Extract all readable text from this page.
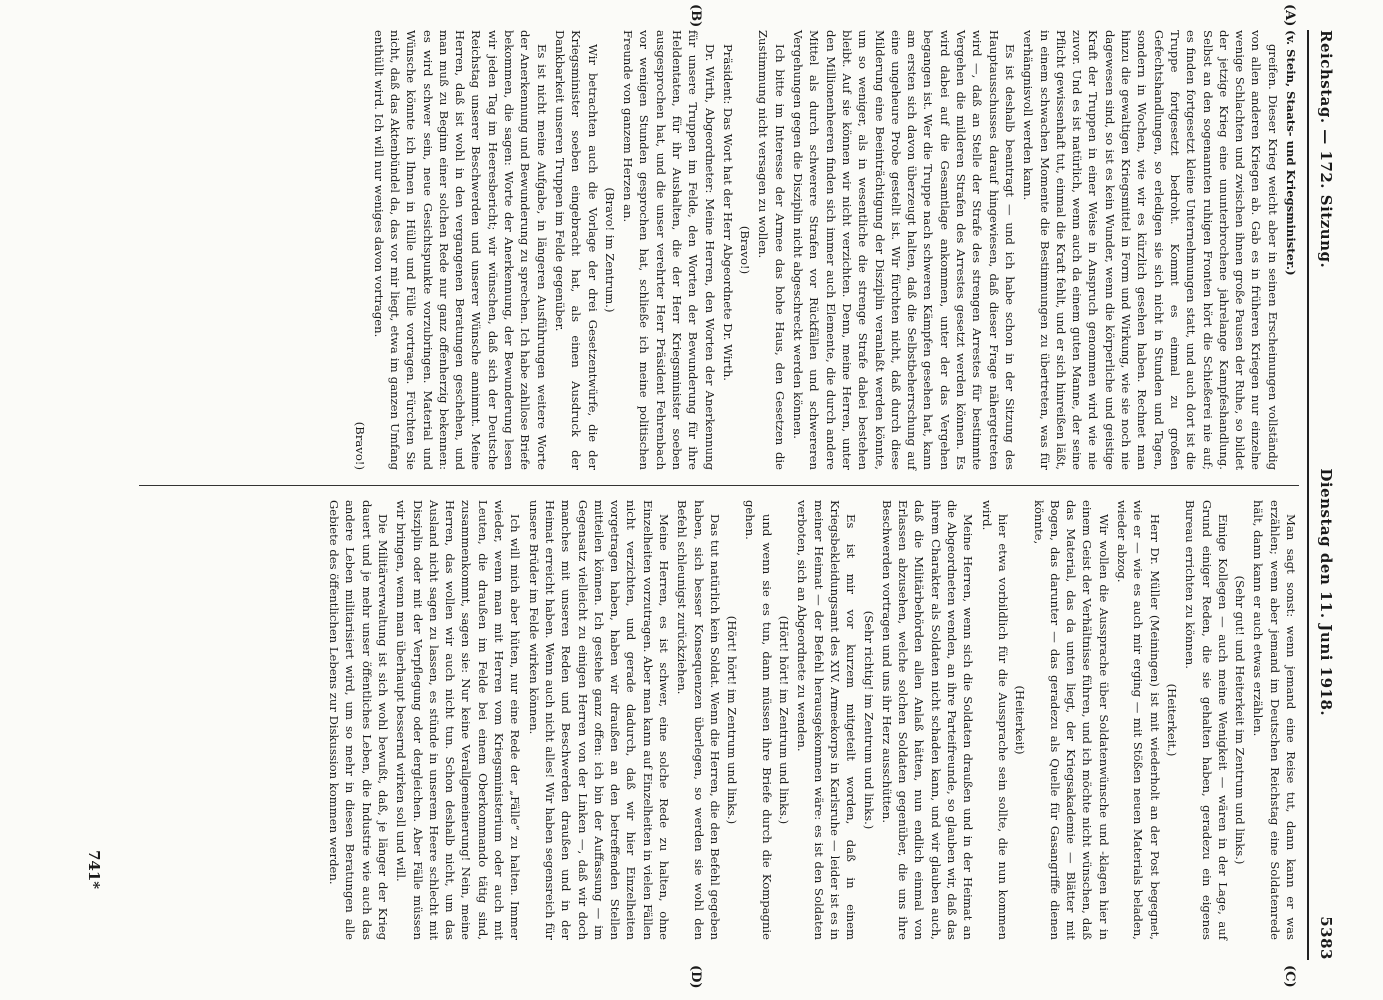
Reichstag. — 172. Sitzung.
Dienstag den 11. Juni 1918.
5383
(A)
(B)
(C)
(D)

(v. Stein, Staats- und Kriegsminister.)

greifen. Dieser Krieg weicht aber in seinen Erscheinungen vollständig von allen anderen Kriegen ab. Gab es in früheren Kriegen nur einzelne wenige Schlachten und zwischen ihnen große Pausen der Ruhe, so bildet der jetzige Krieg eine ununterbrochene jahrelange Kampfeshandlung. Selbst an den sogenannten ruhigen Fronten hört die Schießerei nie auf; es finden fortgesetzt kleine Unternehmungen statt, und auch dort ist die Truppe fortgesetzt bedroht. Kommt es einmal zu großen Gefechtshandlungen, so erledigen sie sich nicht in Stunden und Tagen, sondern in Wochen, wie wir es kürzlich gesehen haben. Rechnet man hinzu die gewaltigen Kriegsmittel in Form und Wirkung, wie sie noch nie dagewesen sind, so ist es kein Wunder, wenn die körperliche und geistige Kraft der Truppen in einer Weise in Anspruch genommen wird wie nie zuvor. Und es ist natürlich, wenn auch da einem guten Manne, der seine Pflicht gewissenhaft tut, einmal die Kraft fehlt, und er sich hinreißen läßt, in einem schwachen Momente die Bestimmungen zu übertreten, was für verhängnisvoll werden kann.

Es ist deshalb beantragt — und ich habe schon in der Sitzung des Hauptausschusses darauf hingewiesen, daß dieser Frage nähergetreten wird —, daß an Stelle der Strafe des strengen Arrestes für bestimmte Vergehen die milderen Strafen des Arrestes gesetzt werden können. Es wird dabei auf die Gesamtlage ankommen, unter der das Vergehen begangen ist. Wer die Truppe nach schweren Kämpfen gesehen hat, kann am ersten sich davon überzeugt halten, daß die Selbstbeherrschung auf eine ungeheure Probe gestellt ist. Wir fürchten nicht, daß durch diese Milderung eine Beeinträchtigung der Disziplin veranlaßt werden könnte, um so weniger, als in wesentliche die strenge Strafe dabei bestehen bleibt. Auf sie können wir nicht verzichten. Denn, meine Herren, unter den Millionenheeren finden sich immer auch Elemente, die durch andere Mittel als durch schwerere Strafen vor Rückfällen und schwereren Vergehungen gegen die Disziplin nicht abgeschreckt werden können.

Ich bitte im Interesse der Armee das hohe Haus, den Gesetzen die Zustimmung nicht versagen zu wollen.

(Bravo!)

Präsident: Das Wort hat der Herr Abgeordnete Dr. Wirth.

Dr. Wirth, Abgeordneter: Meine Herren, den Worten der Anerkennung für unsere Truppen im Felde, den Worten der Bewunderung für ihre Heldentaten, für ihr Aushalten, die der Herr Kriegsminister soeben ausgesprochen hat, und die unser verehrter Herr Präsident Fehrenbach vor wenigen Stunden gesprochen hat, schließe ich meine politischen Freunde von ganzem Herzen an.

(Bravo! im Zentrum.)

Wir betrachten auch die Vorlage der drei Gesetzentwürfe, die der Kriegsminister soeben eingebracht hat, als einen Ausdruck der Dankbarkeit unseren Truppen im Felde gegenüber.

Es ist nicht meine Aufgabe, in längeren Ausführungen weitere Worte der Anerkennung und Bewunderung zu sprechen. Ich habe zahllose Briefe bekommen, die sagen: Worte der Anerkennung, der Bewunderung lesen wir jeden Tag im Heeresbericht; wir wünschen, daß sich der Deutsche Reichstag unserer Beschwerden und unserer Wünsche annimmt. Meine Herren, daß ist wohl in den vergangenen Beratungen geschehen, und man muß zu Beginn einer solchen Rede nur ganz offenherzig bekennen: es wird schwer sein, neue Gesichtspunkte vorzubringen. Material und Wünsche könnte ich Ihnen in Hülle und Fülle vortragen. Fürchten Sie nicht, daß das Aktenbündel da, das vor mir liegt, etwa im ganzen Umfang enthüllt wird. Ich will nur weniges davon vortragen.

(Bravo!)

Man sagt sonst: wenn jemand eine Reise tut, dann kann er was erzählen; wenn aber jemand im Deutschen Reichstag eine Soldatenrede hält, dann kann er auch etwas erzählen.

(Sehr gut! und Heiterkeit im Zentrum und links.)

Einige Kollegen — auch meine Wenigkeit — wären in der Lage, auf Grund einiger Reden, die sie gehalten haben, geradezu ein eigenes Bureau errichten zu können.

(Heiterkeit.)

Herr Dr. Müller (Meiningen) ist mit wiederholt an der Post begegnet, wie er — wie es auch mir erging — mit Stößen neuen Materials beladen, wieder abzog.

Wir wollen die Aussprache über Soldatenwünsche und -klagen hier in einem Geist der Verhältnisse führen, und ich möchte nicht wünschen, daß das Material, das da unten liegt, der Kriegsakademie — Blätter mit Bogen, das darunter — das geradezu als Quelle für Gasangriffe dienen könnte,

(Heiterkeit)

hier etwa vorbildlich für die Aussprache sein sollte, die nun kommen wird.

Meine Herren, wenn sich die Soldaten draußen und in der Heimat an die Abgeordneten wenden, an ihre Parteifreunde, so glauben wir, daß das ihrem Charakter als Soldaten nicht schaden kann, und wir glauben auch, daß die Militärbehörden allen Anlaß hätten, nun endlich einmal von Erlassen abzusehen, welche solchen Soldaten gegenüber, die uns ihre Beschwerden vortragen und uns ihr Herz ausschütten.

(Sehr richtig! im Zentrum und links.)

Es ist mir vor kurzem mitgeteilt worden, daß in einem Kriegsbekleidungsamt des XIV. Armeekorps in Karlsruhe — leider ist es in meiner Heimat — der Befehl herausgekommen wäre: es ist den Soldaten verboten, sich an Abgeordnete zu wenden.

(Hört! hört! im Zentrum und links.)

und wenn sie es tun, dann müssen ihre Briefe durch die Kompagnie gehen.

(Hört! hört! im Zentrum und links.)

Das tut natürlich kein Soldat. Wenn die Herren, die den Befehl gegeben haben, sich besser Konsequenzen überlegen, so werden sie wohl den Befehl schleunigst zurückziehen.

Meine Herren, es ist schwer, eine solche Rede zu halten, ohne Einzelheiten vorzutragen. Aber man kann auf Einzelheiten in vielen Fällen nicht verzichten, und gerade dadurch, daß wir hier Einzelheiten vorgetragen haben, haben wir draußen an den betreffenden Stellen mitteilen können. Ich gestehe ganz offen: ich bin der Auffassung — im Gegensatz vielleicht zu einigen Herren von der Linken —, daß wir doch manches mit unseren Reden und Beschwerden draußen und in der Heimat erreicht haben. Wenn auch nicht alles! Wir haben segensreich für unsere Brüder im Felde wirken können.

Ich will mich aber hüten, nur eine Rede der „Fälle“ zu halten. Immer wieder, wenn man mit Herren vom Kriegsministerium oder auch mit Leuten, die draußen im Felde bei einem Oberkommando tätig sind, zusammenkommt, sagen sie: Nur keine Verallgemeinerung! Nein, meine Herren, das wollen wir auch nicht tun. Schon deshalb nicht, um das Ausland nicht sagen zu lassen, es stünde in unserem Heere schlecht mit Disziplin oder mit der Verpflegung oder dergleichen. Aber Fälle müssen wir bringen, wenn man überhaupt bessernd wirken soll und will.

Die Militärverwaltung ist sich wohl bewußt, daß, je länger der Krieg dauert und je mehr unser öffentliches Leben, die Industrie wie auch das andere Leben militarisiert wird, um so mehr in diesen Beratungen alle Gebiete des öffentlichen Lebens zur Diskussion kommen werden.

741*
